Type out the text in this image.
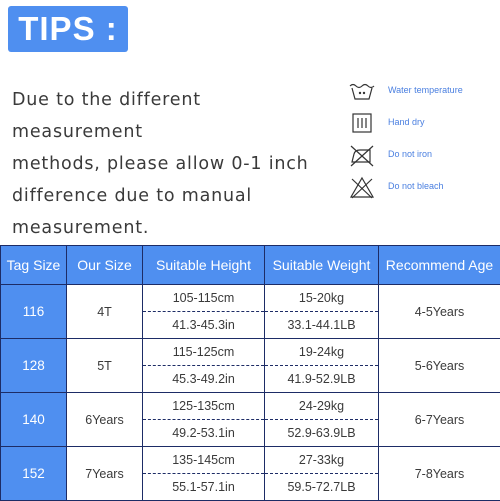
TIPS :
Due to the different measurement
methods, please allow 0-1 inch
difference due to manual
measurement.
Water temperature
Hand dry
Do not iron
Do not bleach
Tag Size	Our Size	Suitable Height	Suitable Weight	Recommend Age
116	4T	105-115cm	15-20kg	4-5Years
		41.3-45.3in	33.1-44.1LB	
128	5T	115-125cm	19-24kg	5-6Years
		45.3-49.2in	41.9-52.9LB	
140	6Years	125-135cm	24-29kg	6-7Years
		49.2-53.1in	52.9-63.9LB	
152	7Years	135-145cm	27-33kg	7-8Years
		55.1-57.1in	59.5-72.7LB	
